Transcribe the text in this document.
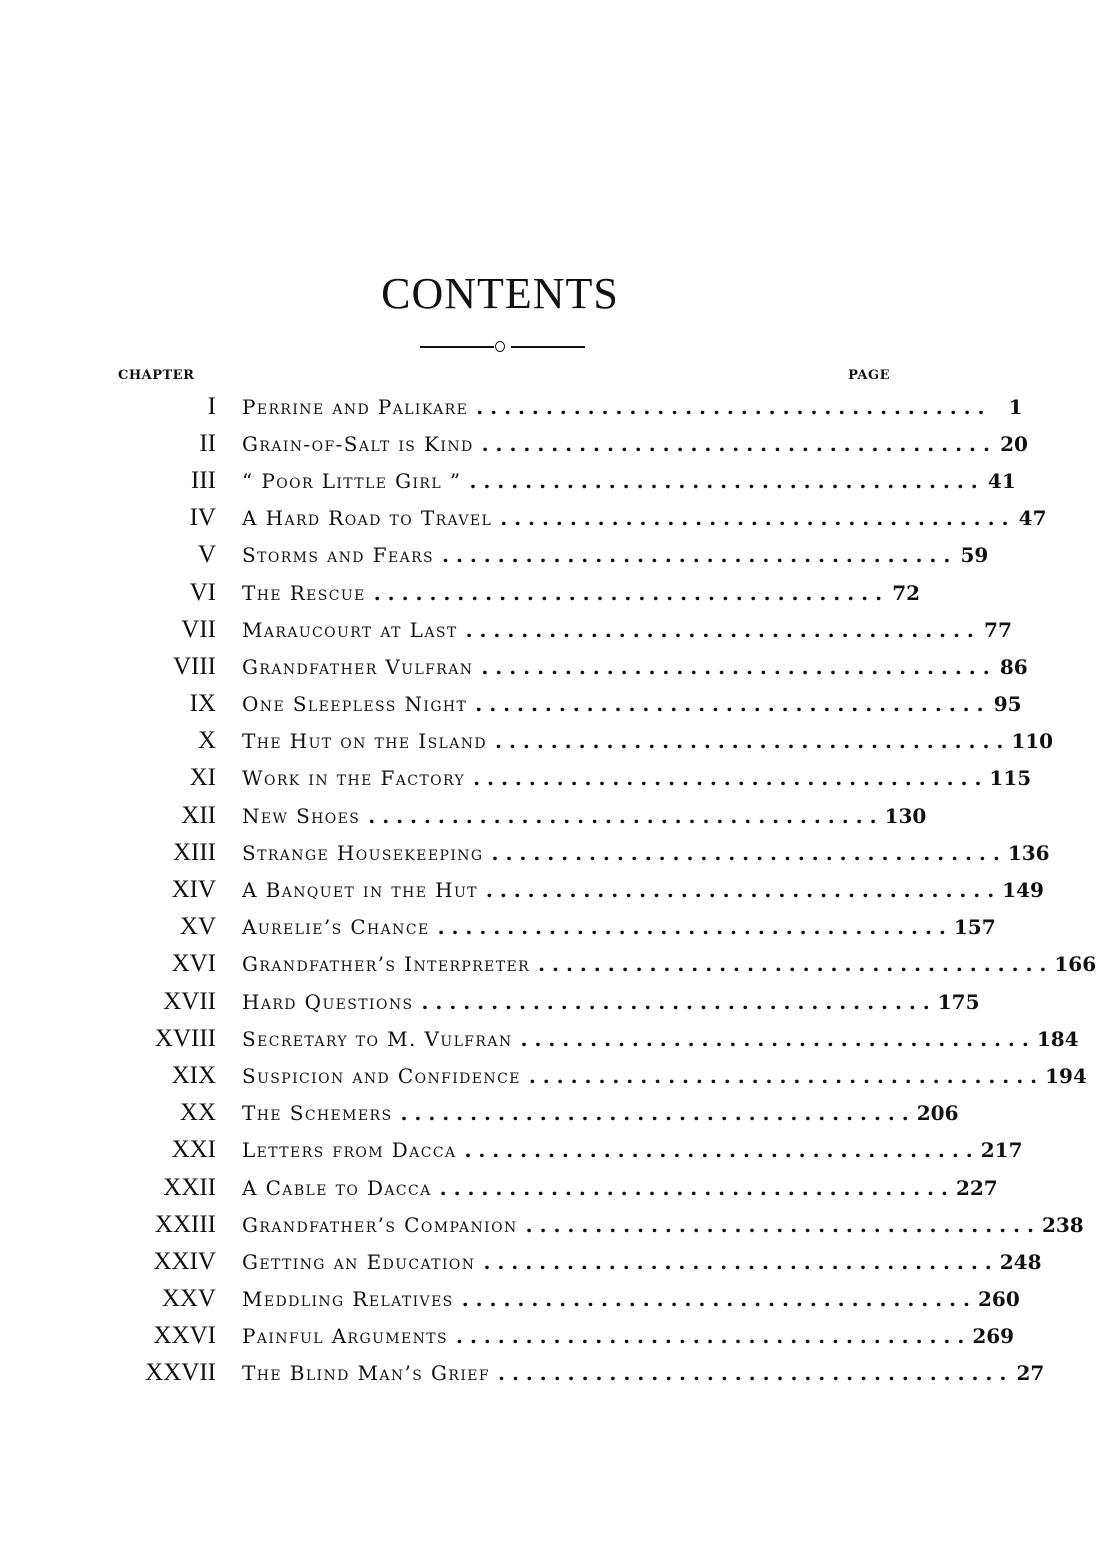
CONTENTS
CHAPTER	PAGE
I Perrine and Palikare . . . . . . . . . . . . . . . . . . . . . . . . . . . . . . . . . . . . .	1
II Grain-of-Salt is Kind . . . . . . . . . . . . . . . . . . . . . . . . . . . . . . . . . . . . . 20
III “ Poor Little Girl ” . . . . . . . . . . . . . . . . . . . . . . . . . . . . . . . . . . . . . 41
IV A Hard Road to Travel . . . . . . . . . . . . . . . . . . . . . . . . . . . . . . . . . . . . . 47
V Storms and Fears . . . . . . . . . . . . . . . . . . . . . . . . . . . . . . . . . . . . . 59
VI The Rescue . . . . . . . . . . . . . . . . . . . . . . . . . . . . . . . . . . . . . 72
VII Maraucourt at Last . . . . . . . . . . . . . . . . . . . . . . . . . . . . . . . . . . . . . 77
VIII Grandfather Vulfran . . . . . . . . . . . . . . . . . . . . . . . . . . . . . . . . . . . . . 86
IX One Sleepless Night . . . . . . . . . . . . . . . . . . . . . . . . . . . . . . . . . . . . . 95
X The Hut on the Island . . . . . . . . . . . . . . . . . . . . . . . . . . . . . . . . . . . . . 110
XI Work in the Factory . . . . . . . . . . . . . . . . . . . . . . . . . . . . . . . . . . . . . 115
XII New Shoes . . . . . . . . . . . . . . . . . . . . . . . . . . . . . . . . . . . . . 130
XIII Strange Housekeeping . . . . . . . . . . . . . . . . . . . . . . . . . . . . . . . . . . . . . 136
XIV A Banquet in the Hut . . . . . . . . . . . . . . . . . . . . . . . . . . . . . . . . . . . . . 149
XV Aurelie’s Chance . . . . . . . . . . . . . . . . . . . . . . . . . . . . . . . . . . . . . 157
XVI Grandfather’s Interpreter . . . . . . . . . . . . . . . . . . . . . . . . . . . . . . . . . . . . . 166
XVII Hard Questions . . . . . . . . . . . . . . . . . . . . . . . . . . . . . . . . . . . . . 175
XVIII Secretary to M. Vulfran . . . . . . . . . . . . . . . . . . . . . . . . . . . . . . . . . . . . . 184
XIX Suspicion and Confidence . . . . . . . . . . . . . . . . . . . . . . . . . . . . . . . . . . . . . 194
XX The Schemers . . . . . . . . . . . . . . . . . . . . . . . . . . . . . . . . . . . . . 206
XXI Letters from Dacca . . . . . . . . . . . . . . . . . . . . . . . . . . . . . . . . . . . . . 217
XXII A Cable to Dacca . . . . . . . . . . . . . . . . . . . . . . . . . . . . . . . . . . . . . 227
XXIII Grandfather’s Companion . . . . . . . . . . . . . . . . . . . . . . . . . . . . . . . . . . . . . 238
XXIV Getting an Education . . . . . . . . . . . . . . . . . . . . . . . . . . . . . . . . . . . . . 248
XXV Meddling Relatives . . . . . . . . . . . . . . . . . . . . . . . . . . . . . . . . . . . . . 260
XXVI Painful Arguments . . . . . . . . . . . . . . . . . . . . . . . . . . . . . . . . . . . . . 269
XXVII The Blind Man’s Grief . . . . . . . . . . . . . . . . . . . . . . . . . . . . . . . . . . . . . 27
